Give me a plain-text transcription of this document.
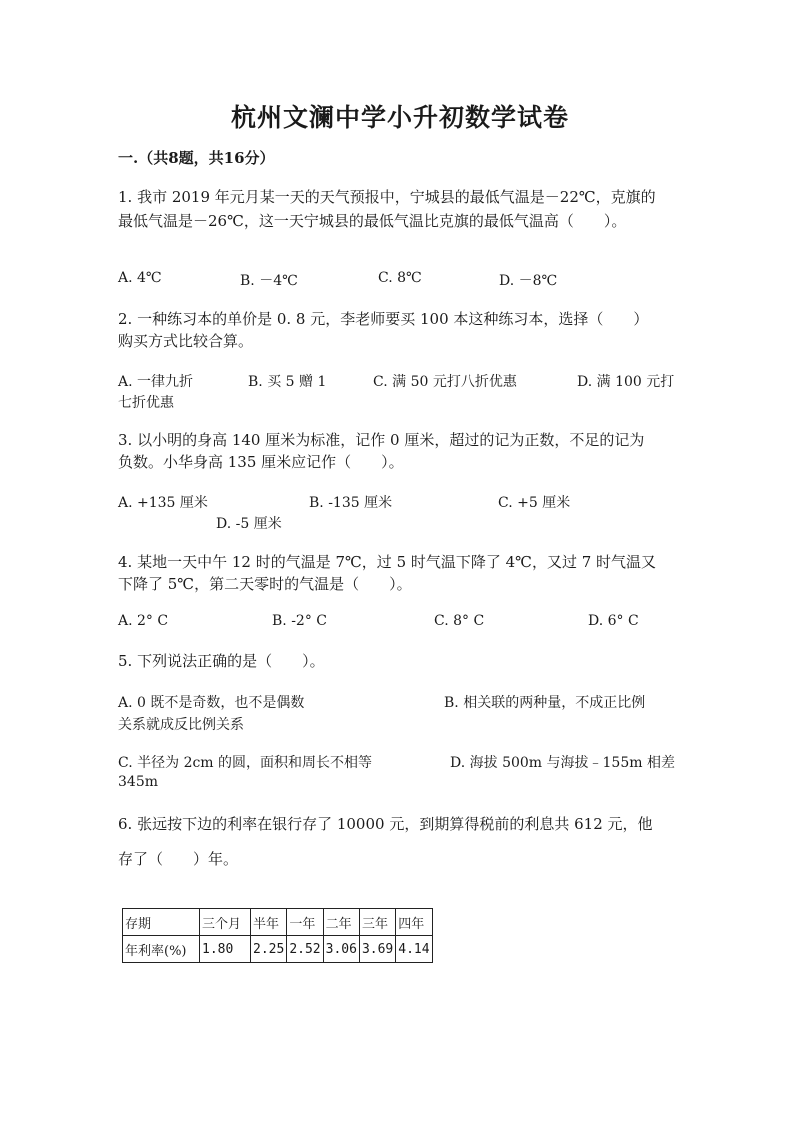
杭州文澜中学小升初数学试卷
一.（共8题，共16分）
1. 我市 2019 年元月某一天的天气预报中，宁城县的最低气温是－22℃，克旗的
最低气温是－26℃，这一天宁城县的最低气温比克旗的最低气温高（　　）。
A. 4℃	B. －4℃	C. 8℃	D. －8℃
2. 一种练习本的单价是 0. 8 元，李老师要买 100 本这种练习本，选择（　　）
购买方式比较合算。
A. 一律九折	B. 买 5 赠 1	C. 满 50 元打八折优惠	D. 满 100 元打
七折优惠
3. 以小明的身高 140 厘米为标准，记作 0 厘米，超过的记为正数，不足的记为
负数。小华身高 135 厘米应记作（　　）。
A. +135 厘米	B. -135 厘米	C. +5 厘米
D. -5 厘米
4. 某地一天中午 12 时的气温是 7℃，过 5 时气温下降了 4℃，又过 7 时气温又
下降了 5℃，第二天零时的气温是（　　）。
A. 2° C	B. -2° C	C. 8° C	D. 6° C
5. 下列说法正确的是（　　）。
A. 0 既不是奇数，也不是偶数	B. 相关联的两种量，不成正比例
关系就成反比例关系
C. 半径为 2cm 的圆，面积和周长不相等	D. 海拔 500m 与海拔﹣155m 相差
345m
6. 张远按下边的利率在银行存了 10000 元，到期算得税前的利息共 612 元，他
存了（　　）年。
存期	三个月	半年	一年	二年	三年	四年
年利率(%)	1.80	2.25	2.52	3.06	3.69	4.14
